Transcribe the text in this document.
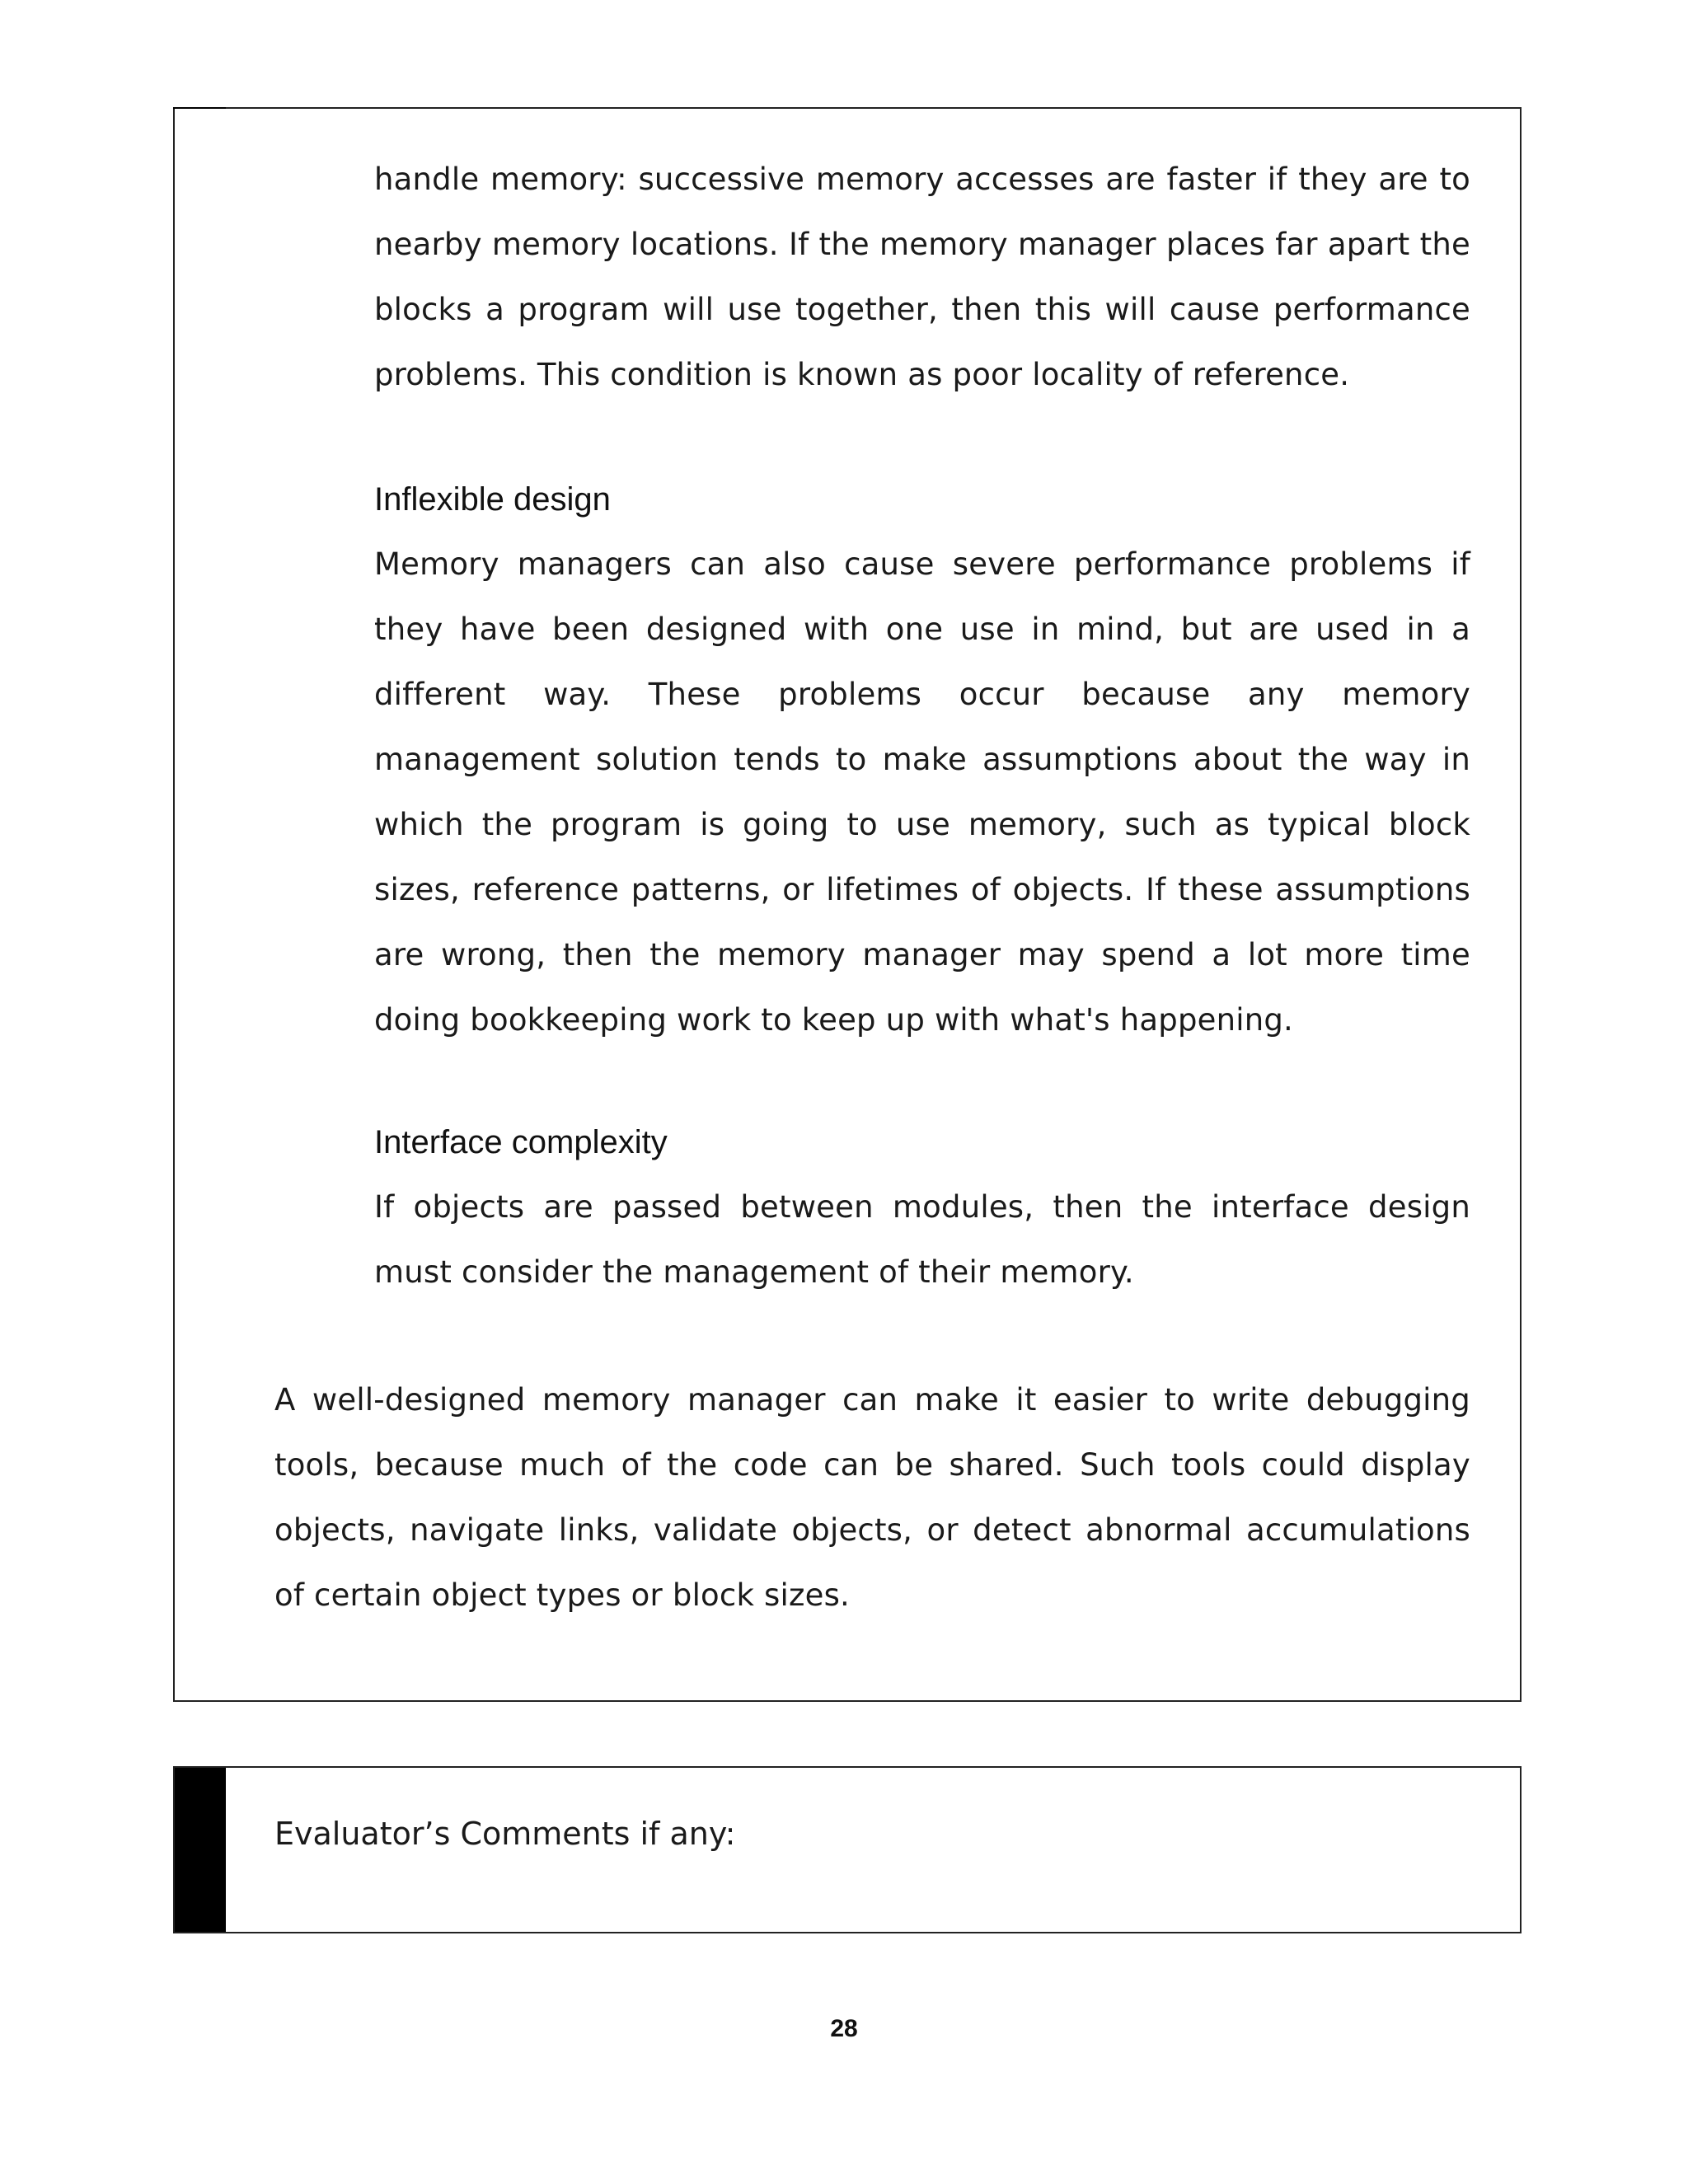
handle memory: successive memory accesses are faster if they are to nearby memory locations. If the memory manager places far apart the blocks a program will use together, then this will cause performance problems. This condition is known as poor locality of reference.

Inflexible design

Memory managers can also cause severe performance problems if they have been designed with one use in mind, but are used in a different way. These problems occur because any memory management solution tends to make assumptions about the way in which the program is going to use memory, such as typical block sizes, reference patterns, or lifetimes of objects. If these assumptions are wrong, then the memory manager may spend a lot more time doing bookkeeping work to keep up with what's happening.

Interface complexity

If objects are passed between modules, then the interface design must consider the management of their memory.

A well-designed memory manager can make it easier to write debugging tools, because much of the code can be shared. Such tools could display objects, navigate links, validate objects, or detect abnormal accumulations of certain object types or block sizes.

Evaluator’s Comments if any:
28
